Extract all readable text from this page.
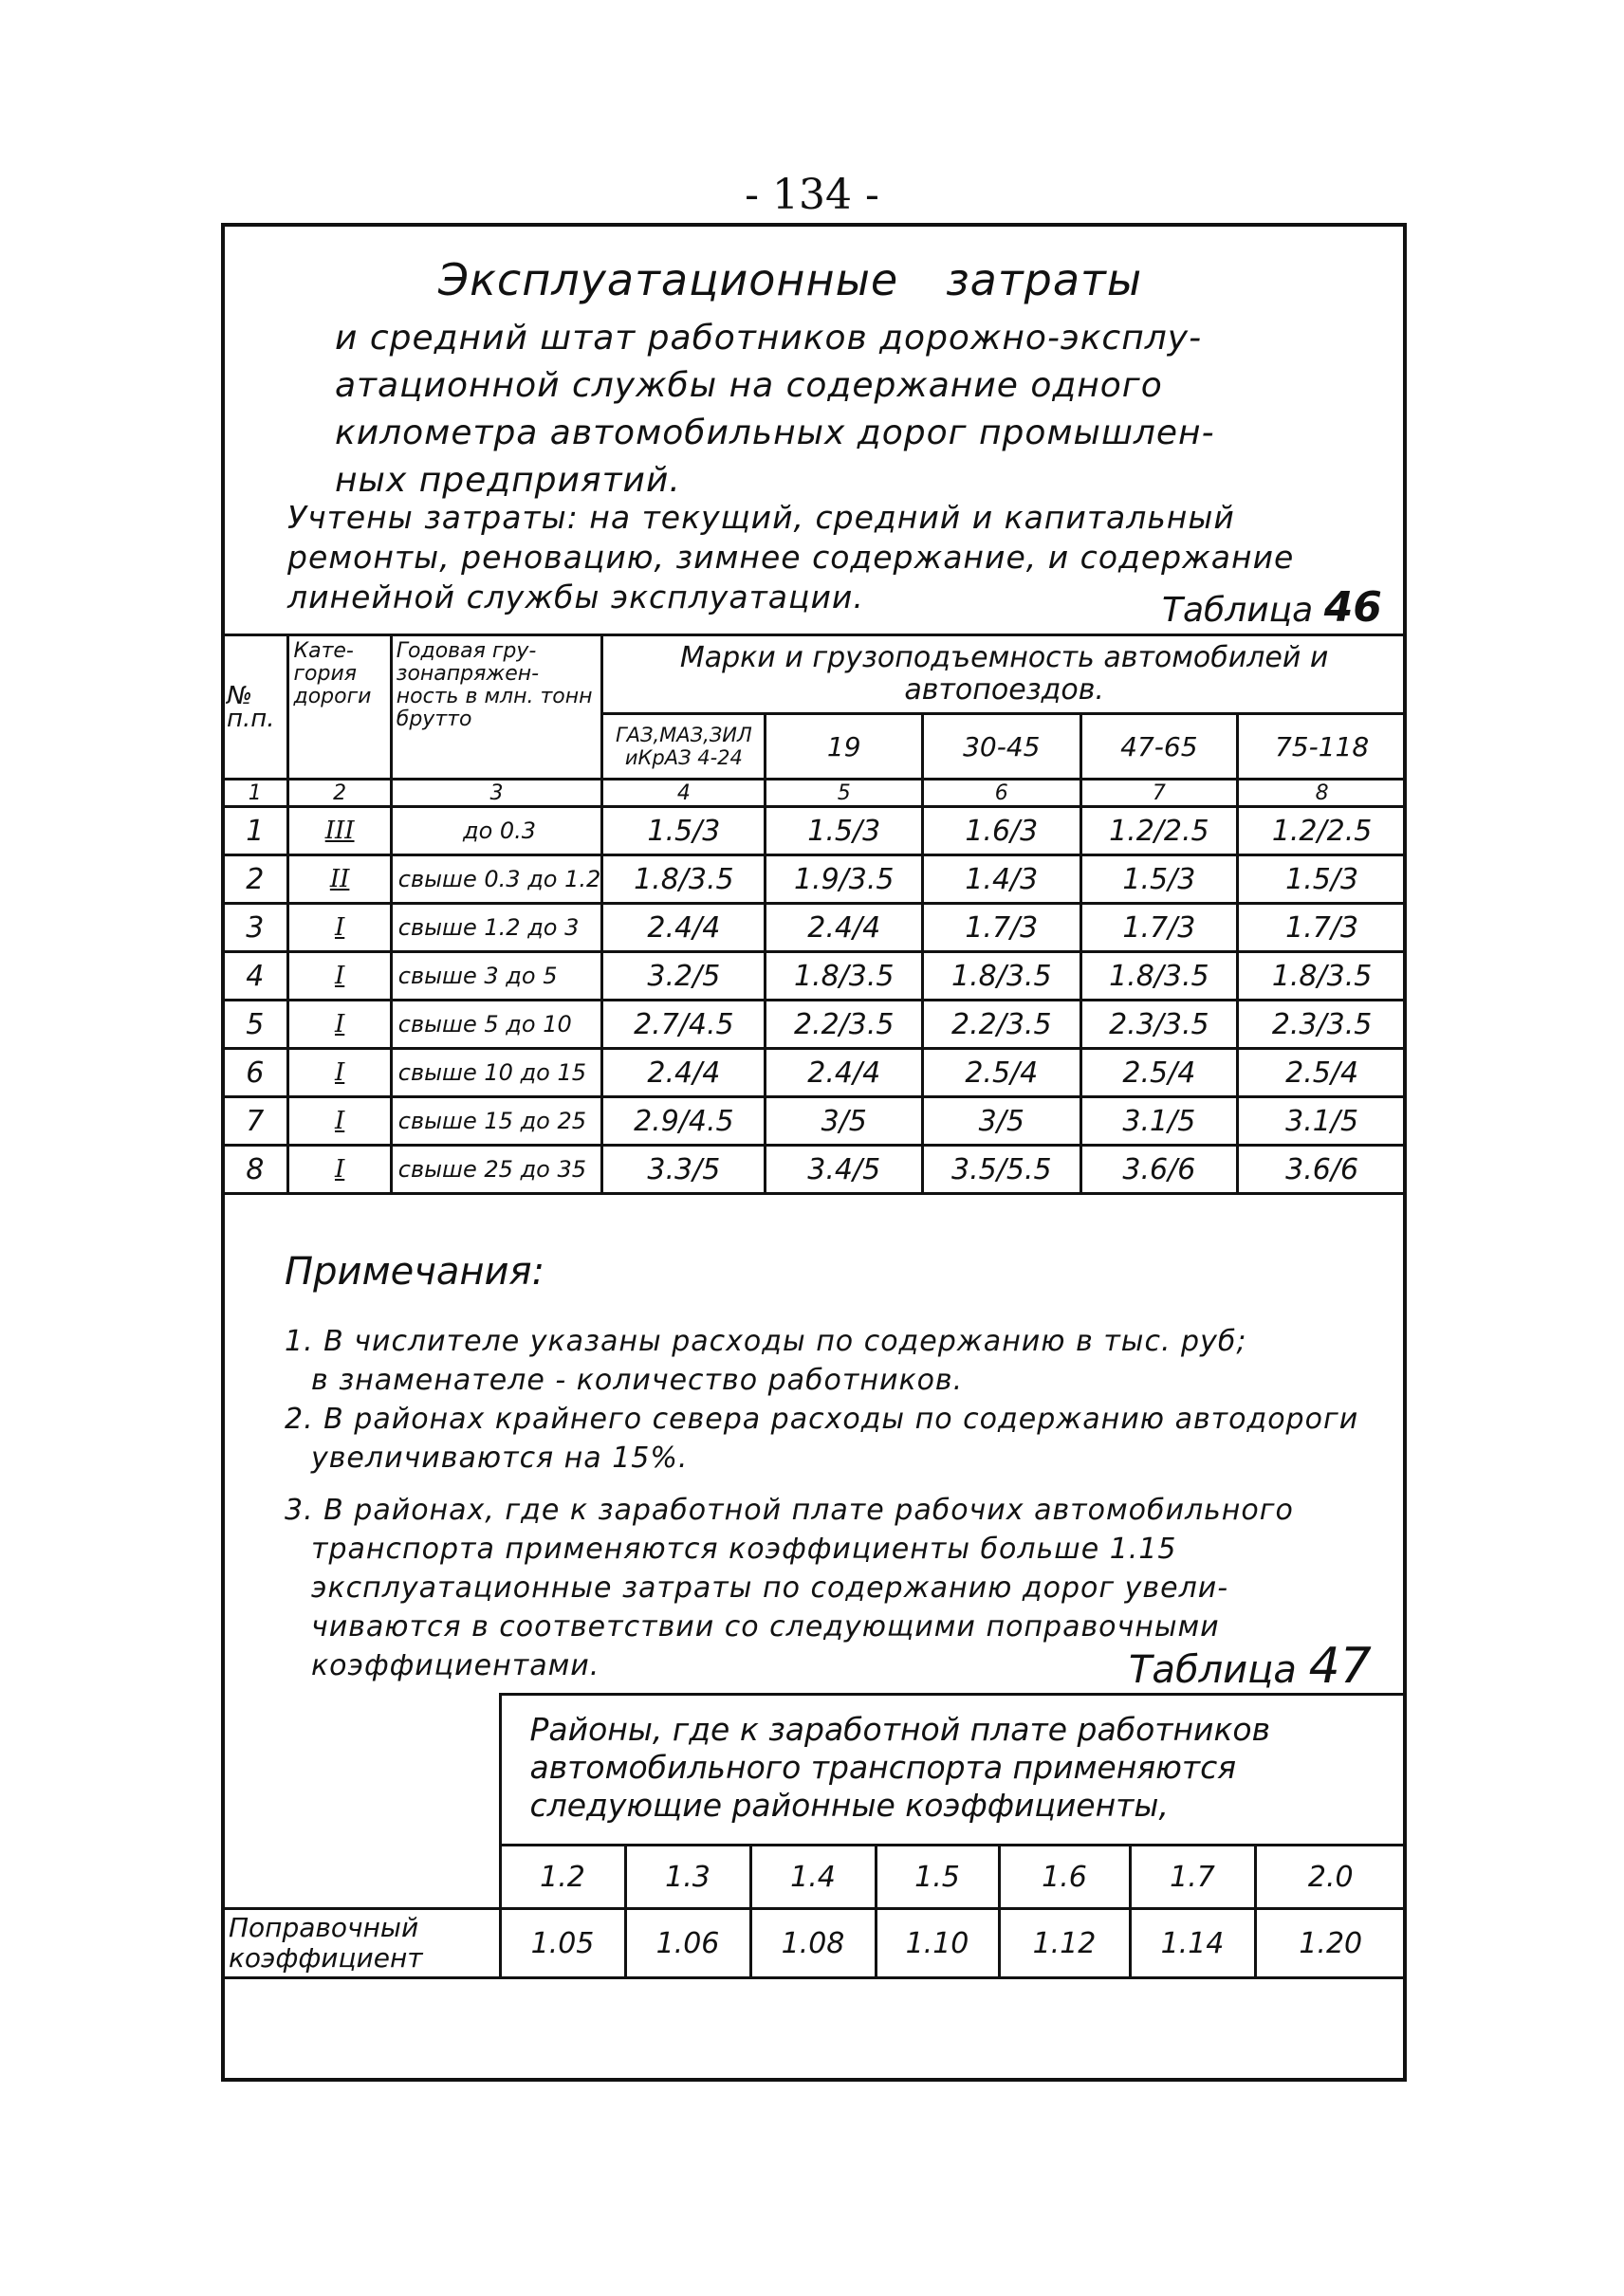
- 134 -
Эксплуатационные затраты
и средний штат работников дорожно-эксплу-
атационной службы на содержание одного
километра автомобильных дорог промышлен-
ных предприятий.
Учтены затраты: на текущий, средний и капитальный
ремонты, реновацию, зимнее содержание, и содержание
линейной службы эксплуатации.	Таблица 46
№ п.п.	Кате- гория дороги	Годовая гру- зонапряжен- ность в млн. тонн брутто	Марки и грузоподъемность автомобилей и автопоездов.				
			ГАЗ,МАЗ,ЗИЛ иКрАЗ 4-24	19	30-45	47-65	75-118
1	2	3	4	5	6	7	8
1	III	до 0.3	1.5/3	1.5/3	1.6/3	1.2/2.5	1.2/2.5
2	II	свыше 0.3 до 1.2	1.8/3.5	1.9/3.5	1.4/3	1.5/3	1.5/3
3	I	свыше 1.2 до 3	2.4/4	2.4/4	1.7/3	1.7/3	1.7/3
4	I	свыше 3 до 5	3.2/5	1.8/3.5	1.8/3.5	1.8/3.5	1.8/3.5
5	I	свыше 5 до 10	2.7/4.5	2.2/3.5	2.2/3.5	2.3/3.5	2.3/3.5
6	I	свыше 10 до 15	2.4/4	2.4/4	2.5/4	2.5/4	2.5/4
7	I	свыше 15 до 25	2.9/4.5	3/5	3/5	3.1/5	3.1/5
8	I	свыше 25 до 35	3.3/5	3.4/5	3.5/5.5	3.6/6	3.6/6
Примечания:
1. В числителе указаны расходы по содержанию в тыс. руб;
в знаменателе - количество работников.
2. В районах крайнего севера расходы по содержанию автодороги
увеличиваются на 15%.
3. В районах, где к заработной плате рабочих автомобильного
транспорта применяются коэффициенты больше 1.15
эксплуатационные затраты по содержанию дорог увели-
чиваются в соответствии со следующими поправочными
коэффициентами.	Таблица 47
	Районы, где к заработной плате работников автомобильного транспорта применяются следующие районные коэффициенты,						
	1.2	1.3	1.4	1.5	1.6	1.7	2.0
Поправочный коэффициент	1.05	1.06	1.08	1.10	1.12	1.14	1.20
